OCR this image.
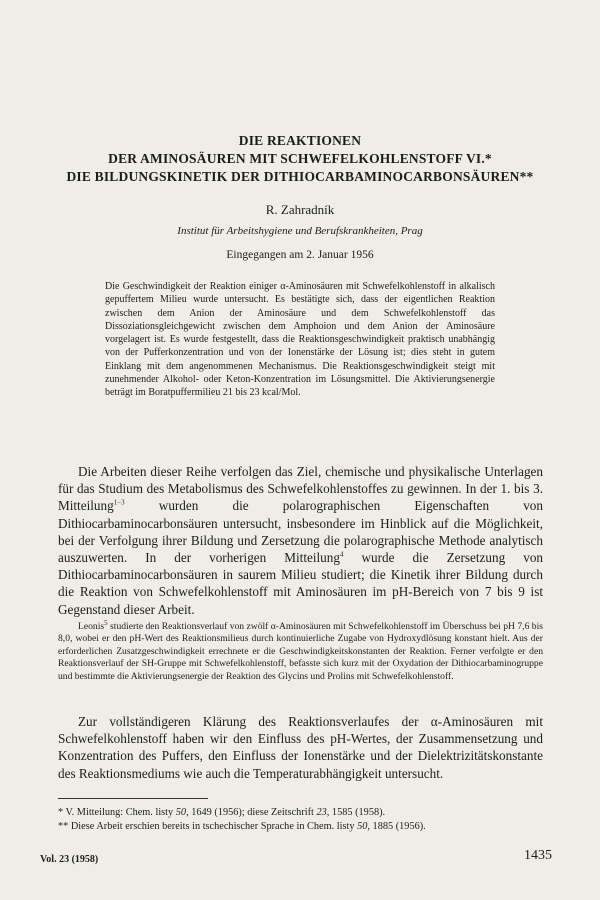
DIE REAKTIONEN
DER AMINOSÄUREN MIT SCHWEFELKOHLENSTOFF VI.*
DIE BILDUNGSKINETIK DER DITHIOCARBAMINOCARBONSÄUREN**
R. Zahradník
Institut für Arbeitshygiene und Berufskrankheiten, Prag
Eingegangen am 2. Januar 1956
Die Geschwindigkeit der Reaktion einiger α-Aminosäuren mit Schwefelkohlenstoff in alkalisch gepuffertem Milieu wurde untersucht. Es bestätigte sich, dass der eigentlichen Reaktion zwischen dem Anion der Aminosäure und dem Schwefelkohlenstoff das Dissoziationsgleichgewicht zwischen dem Amphoion und dem Anion der Aminosäure vorgelagert ist. Es wurde festgestellt, dass die Reaktionsgeschwindigkeit praktisch unabhängig von der Pufferkonzentration und von der Ionenstärke der Lösung ist; dies steht in gutem Einklang mit dem angenommenen Mechanismus. Die Reaktionsgeschwindigkeit steigt mit zunehmender Alkohol- oder Keton-Konzentration im Lösungsmittel. Die Aktivierungsenergie beträgt im Boratpuffermilieu 21 bis 23 kcal/Mol.
Die Arbeiten dieser Reihe verfolgen das Ziel, chemische und physikalische Unterlagen für das Studium des Metabolismus des Schwefelkohlenstoffes zu gewinnen. In der 1. bis 3. Mitteilung$^{1-3}$ wurden die polarographischen Eigenschaften von Dithiocarbaminocarbonsäuren untersucht, insbesondere im Hinblick auf die Möglichkeit, bei der Verfolgung ihrer Bildung und Zersetzung die polarographische Methode analytisch auszuwerten. In der vorherigen Mitteilung$^4$ wurde die Zersetzung von Dithiocarbaminocarbonsäuren in saurem Milieu studiert; die Kinetik ihrer Bildung durch die Reaktion von Schwefelkohlenstoff mit Aminosäuren im pH-Bereich von 7 bis 9 ist Gegenstand dieser Arbeit.
Leonis$^5$ studierte den Reaktionsverlauf von zwölf α-Aminosäuren mit Schwefelkohlenstoff im Überschuss bei pH 7,6 bis 8,0, wobei er den pH-Wert des Reaktionsmilieus durch kontinuierliche Zugabe von Hydroxydlösung konstant hielt. Aus der erforderlichen Zusatzgeschwindigkeit errechnete er die Geschwindigkeitskonstanten der Reaktion. Ferner verfolgte er den Reaktionsverlauf der SH-Gruppe mit Schwefelkohlenstoff, befasste sich kurz mit der Oxydation der Dithiocarbaminogruppe und bestimmte die Aktivierungsenergie der Reaktion des Glycins und Prolins mit Schwefelkohlenstoff.
Zur vollständigeren Klärung des Reaktionsverlaufes der α-Aminosäuren mit Schwefelkohlenstoff haben wir den Einfluss des pH-Wertes, der Zusammensetzung und Konzentration des Puffers, den Einfluss der Ionenstärke und der Dielektrizitätskonstante des Reaktionsmediums wie auch die Temperaturabhängigkeit untersucht.
* V. Mitteilung: Chem. listy 50, 1649 (1956); diese Zeitschrift 23, 1585 (1958).
** Diese Arbeit erschien bereits in tschechischer Sprache in Chem. listy 50, 1885 (1956).
Vol. 23 (1958)	1435
